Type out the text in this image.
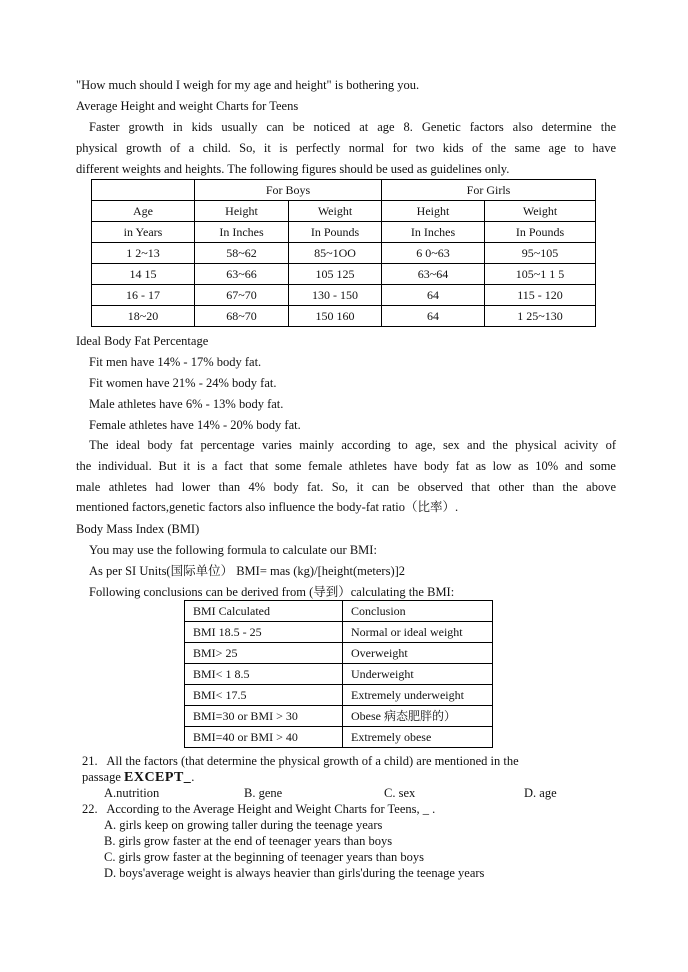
"How much should I weigh for my age and height" is bothering you.
Average Height and weight Charts for Teens
Faster growth in kids usually can be noticed at age 8. Genetic factors also determine the
physical growth of a child. So, it is perfectly normal for two kids of the same age to have
different weights and heights. The following figures should be used as guidelines only.
	For Boys		For Girls	
Age	Height	Weight	Height	Weight
in Years	In Inches	In Pounds	In Inches	In Pounds
1 2~13	58~62	85~1OO	6 0~63	95~105
14 15	63~66	105 125	63~64	105~1 1 5
16 - 17	67~70	130 - 150	64	115 - 120
18~20	68~70	150 160	64	1 25~130
Ideal Body Fat Percentage
Fit men have 14% - 17% body fat.
Fit women have 21% - 24% body fat.
Male athletes have 6% - 13% body fat.
Female athletes have 14% - 20% body fat.
The ideal body fat percentage varies mainly according to age, sex and the physical acivity of
the individual. But it is a fact that some female athletes have body fat as low as 10% and some
male athletes had lower than 4% body fat. So, it can be observed that other than the above
mentioned factors,genetic factors also influence the body-fat ratio（比率）.
Body Mass Index (BMI)
You may use the following formula to calculate our BMI:
As per SI Units(国际单位） BMI= mas (kg)/[height(meters)]2
Following conclusions can be derived from (导到）calculating the BMI:
BMI Calculated	Conclusion
BMI 18.5 - 25	Normal or ideal weight
BMI> 25	Overweight
BMI< 1 8.5	Underweight
BMI< 17.5	Extremely underweight
BMI=30 or BMI > 30	Obese 病态肥胖的）
BMI=40 or BMI > 40	Extremely obese
21. All the factors (that determine the physical growth of a child) are mentioned in the
passage EXCEPT_.
A.nutrition	B. gene	C. sex	D. age
22. According to the Average Height and Weight Charts for Teens, _ .
A. girls keep on growing taller during the teenage years
B. girls grow faster at the end of teenager years than boys
C. girls grow faster at the beginning of teenager years than boys
D. boys'average weight is always heavier than girls'during the teenage years
